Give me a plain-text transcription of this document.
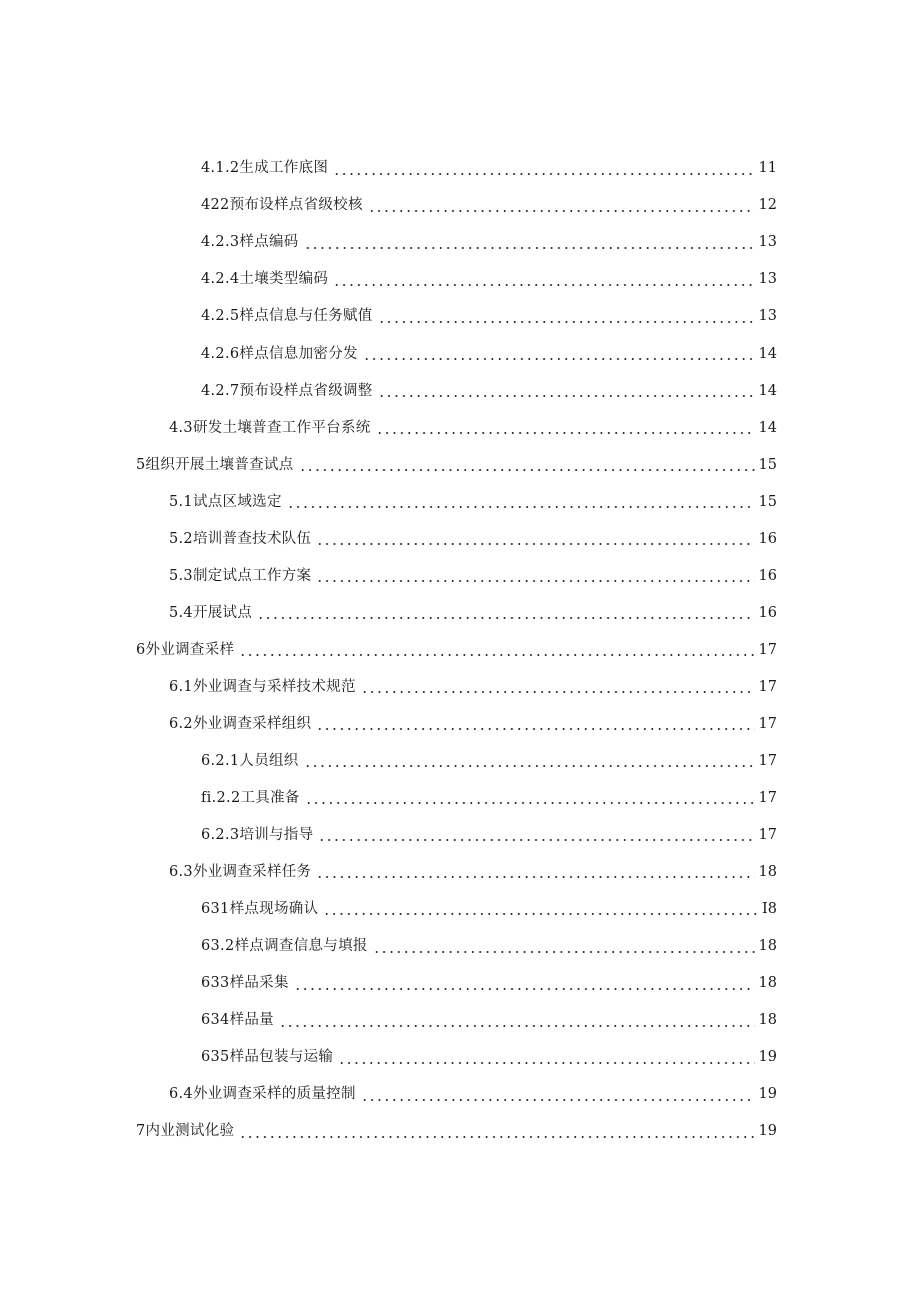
4.1.2生成工作底图	11
422预布设样点省级校核	12
4.2.3样点编码	13
4.2.4土壤类型编码	13
4.2.5样点信息与任务赋值	13
4.2.6样点信息加密分发	14
4.2.7预布设样点省级调整	14
4.3研发土壤普查工作平台系统	14
5组织开展土壤普查试点	15
5.1试点区域选定	15
5.2培训普查技术队伍	16
5.3制定试点工作方案	16
5.4开展试点	16
6外业调查采样	17
6.1外业调查与采样技术规范	17
6.2外业调查采样组织	17
6.2.1人员组织	17
fi.2.2工具准备	17
6.2.3培训与指导	17
6.3外业调查采样任务	18
631样点现场确认	I8
63.2样点调查信息与填报	18
633样品采集	18
634样品量	18
635样品包装与运输	19
6.4外业调查采样的质量控制	19
7内业测试化验	19
